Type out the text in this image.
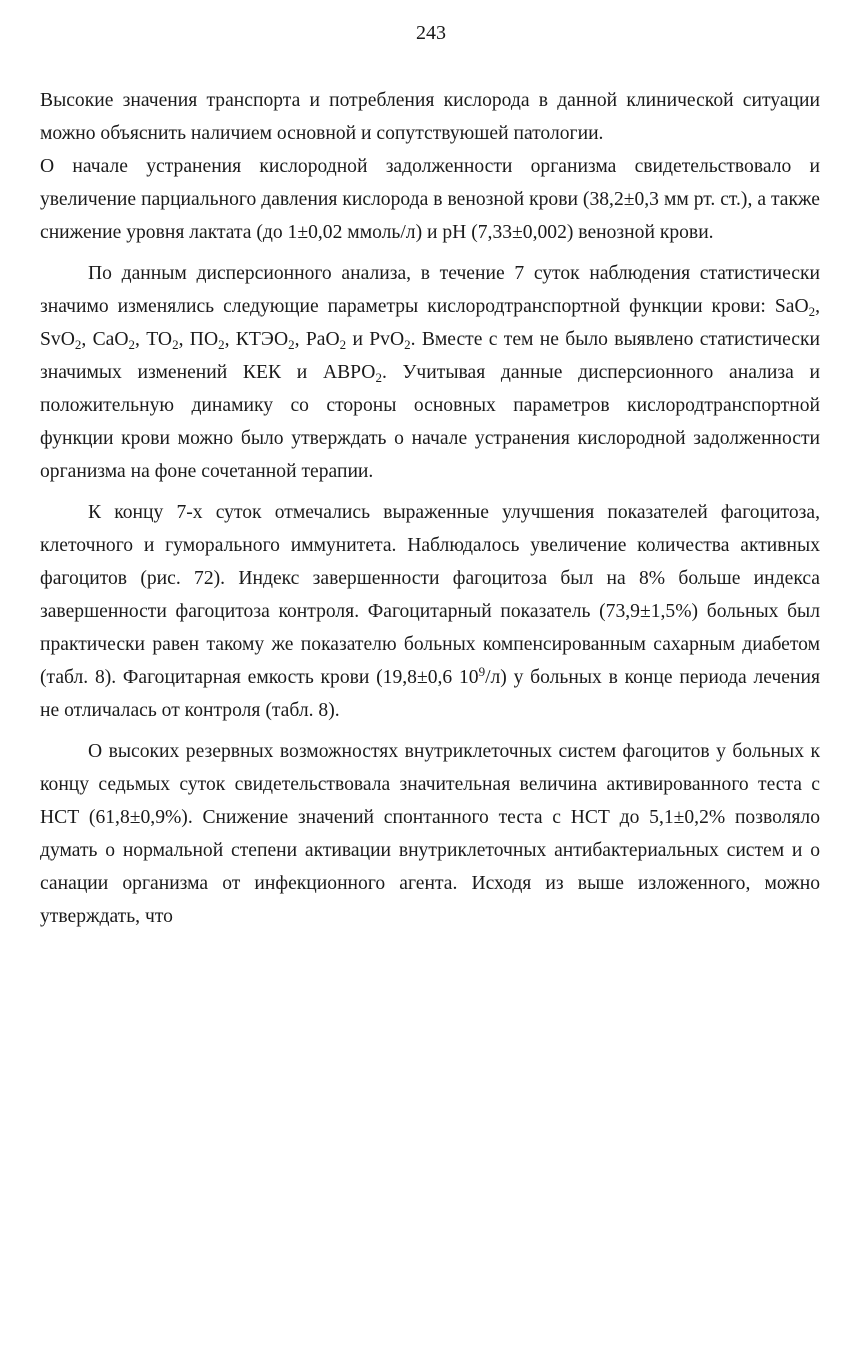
243

Высокие значения транспорта и потребления кислорода в данной клинической ситуации можно объяснить наличием основной и сопутствуюшей патологии.

О начале устранения кислородной задолженности организма свидетельствовало и увеличение парциального давления кислорода в венозной крови (38,2±0,3 мм рт. ст.), а также снижение уровня лактата (до 1±0,02 ммоль/л) и рН (7,33±0,002) венозной крови.

По данным дисперсионного анализа, в течение 7 суток наблюдения статистически значимо изменялись следующие параметры кислородтранспортной функции крови: SaO$_2$, SvO$_2$, CaO$_2$, $ТО_2$, $ПО_2$, $КТЭО_2$, PaO$_2$ и PvO$_2$. Вместе с тем не было выявлено статистически значимых изменений КЕК и $АВРО_2$. Учитывая данные дисперсионного анализа и положительную динамику со стороны основных параметров кислородтранспортной функции крови можно было утверждать о начале устранения кислородной задолженности организма на фоне сочетанной терапии.

К концу 7-х суток отмечались выраженные улучшения показателей фагоцитоза, клеточного и гуморального иммунитета. Наблюдалось увеличение количества активных фагоцитов (рис. 72). Индекс завершенности фагоцитоза был на 8% больше индекса завершенности фагоцитоза контроля. Фагоцитарный показатель (73,9±1,5%) больных был практически равен такому же показателю больных компенсированным сахарным диабетом (табл. 8). Фагоцитарная емкость крови (19,8±0,6 $10^9/л$) у больных в конце периода лечения не отличалась от контроля (табл. 8).

О высоких резервных возможностях внутриклеточных систем фагоцитов у больных к концу седьмых суток свидетельствовала значительная величина активированного теста с НСТ (61,8±0,9%). Снижение значений спонтанного теста с НСТ до 5,1±0,2% позволяло думать о нормальной степени активации внутриклеточных антибактериальных систем и о санации организма от инфекционного агента. Исходя из выше изложенного, можно утверждать, что
